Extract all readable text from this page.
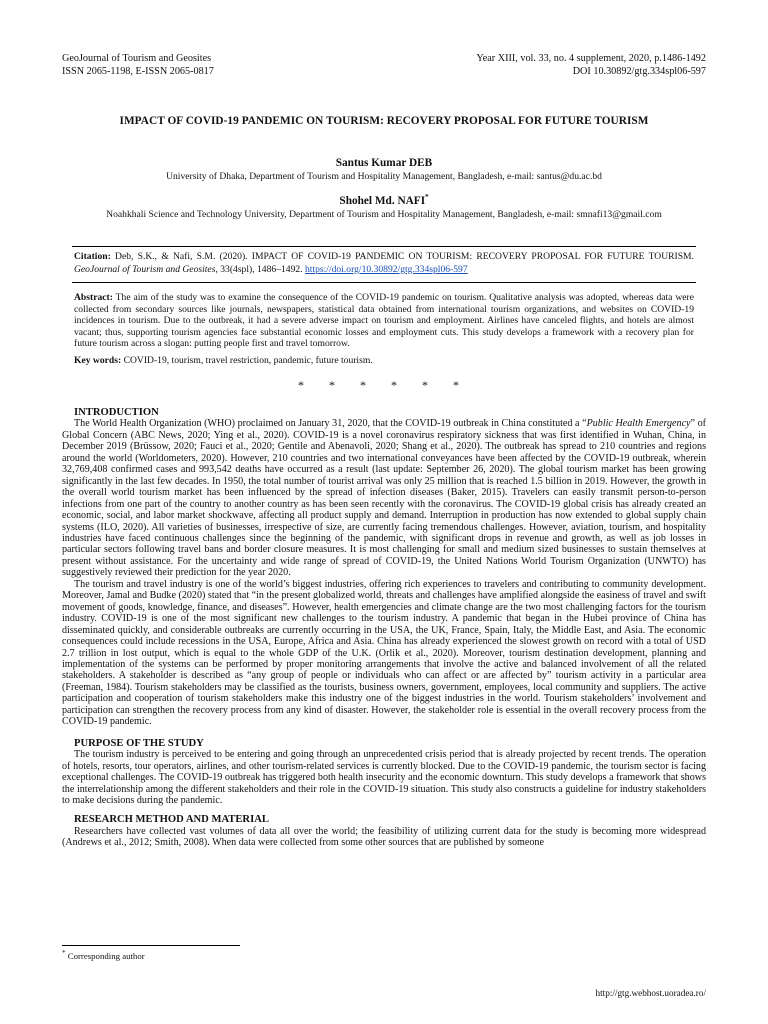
GeoJournal of Tourism and Geosites
ISSN 2065-1198, E-ISSN 2065-0817
Year XIII, vol. 33, no. 4 supplement, 2020, p.1486-1492
DOI 10.30892/gtg.334spl06-597
IMPACT OF COVID-19 PANDEMIC ON TOURISM: RECOVERY PROPOSAL FOR FUTURE TOURISM
Santus Kumar DEB
University of Dhaka, Department of Tourism and Hospitality Management, Bangladesh, e-mail: santus@du.ac.bd
Shohel Md. NAFI*
Noahkhali Science and Technology University, Department of Tourism and Hospitality Management, Bangladesh, e-mail: smnafi13@gmail.com
Citation: Deb, S.K., & Nafi, S.M. (2020). IMPACT OF COVID-19 PANDEMIC ON TOURISM: RECOVERY PROPOSAL FOR FUTURE TOURISM. GeoJournal of Tourism and Geosites, 33(4spl), 1486–1492. https://doi.org/10.30892/gtg.334spl06-597
Abstract: The aim of the study was to examine the consequence of the COVID-19 pandemic on tourism. Qualitative analysis was adopted, whereas data were collected from secondary sources like journals, newspapers, statistical data obtained from international tourism organizations, and websites on COVID-19 incidences in tourism. Due to the outbreak, it had a severe adverse impact on tourism and employment. Airlines have canceled flights, and hotels are almost vacant; thus, supporting tourism agencies face substantial economic losses and employment cuts. This study develops a framework with a recovery plan for future tourism across a slogan: putting people first and travel tomorrow.
Key words: COVID-19, tourism, travel restriction, pandemic, future tourism.
* * * * * *
INTRODUCTION

The World Health Organization (WHO) proclaimed on January 31, 2020, that the COVID-19 outbreak in China constituted a “Public Health Emergency” of Global Concern (ABC News, 2020; Ying et al., 2020). COVID-19 is a novel coronavirus respiratory sickness that was first identified in Wuhan, China, in December 2019 (Brüssow, 2020; Fauci et al., 2020; Gentile and Abenavoli, 2020; Shang et al., 2020). The outbreak has spread to 210 countries and regions around the world (Worldometers, 2020). However, 210 countries and two international conveyances have been affected by the COVID-19 outbreak, wherein 32,769,408 confirmed cases and 993,542 deaths have occurred as a result (last update: September 26, 2020). The global tourism market has been growing significantly in the last few decades. In 1950, the total number of tourist arrival was only 25 million that is reached 1.5 billion in 2019. However, the growth in the overall world tourism market has been influenced by the spread of infection diseases (Baker, 2015). Travelers can easily transmit person-to-person infections from one part of the country to another country as has been seen recently with the coronavirus. The COVID-19 global crisis has already created an economic, social, and labor market shockwave, affecting all product supply and demand. Interruption in production has now extended to global supply chain systems (ILO, 2020). All varieties of businesses, irrespective of size, are currently facing tremendous challenges. However, aviation, tourism, and hospitality industries have faced continuous challenges since the beginning of the pandemic, with significant drops in revenue and growth, as well as job losses in particular sectors following travel bans and border closure measures. It is most challenging for small and medium sized businesses to sustain themselves at present without assistance. For the uncertainty and wide range of spread of COVID-19, the United Nations World Tourism Organization (UNWTO) has suggestively reviewed their prediction for the year 2020.

The tourism and travel industry is one of the world’s biggest industries, offering rich experiences to travelers and contributing to community development. Moreover, Jamal and Budke (2020) stated that “in the present globalized world, threats and challenges have amplified alongside the easiness of travel and swift movement of goods, knowledge, finance, and diseases”. However, health emergencies and climate change are the two most challenging factors for the tourism industry. COVID-19 is one of the most significant new challenges to the tourism industry. A pandemic that began in the Hubei province of China has disseminated quickly, and considerable outbreaks are currently occurring in the USA, the UK, France, Spain, Italy, the Middle East, and Asia. The economic consequences could include recessions in the USA, Europe, Africa and Asia. China has already experienced the slowest growth on record with a total of USD 2.7 trillion in lost output, which is equal to the whole GDP of the U.K. (Orlik et al., 2020). Moreover, tourism destination development, planning and implementation of the systems can be performed by proper monitoring arrangements that involve the active and balanced involvement of all the related stakeholders. A stakeholder is described as “any group of people or individuals who can affect or are affected by” tourism activity in a particular area (Freeman, 1984). Tourism stakeholders may be classified as the tourists, business owners, government, employees, local community and suppliers. The active participation and cooperation of tourism stakeholders make this industry one of the biggest industries in the world. Tourism stakeholders’ involvement and participation can strengthen the recovery process from any kind of disaster. However, the stakeholder role is essential in the overall recovery process from the COVID-19 pandemic.

PURPOSE OF THE STUDY

The tourism industry is perceived to be entering and going through an unprecedented crisis period that is already projected by recent trends. The operation of hotels, resorts, tour operators, airlines, and other tourism-related services is currently blocked. Due to the COVID-19 pandemic, the tourism sector is facing exceptional challenges. The COVID-19 outbreak has triggered both health insecurity and the economic downturn. This study develops a framework that shows the interrelationship among the different stakeholders and their role in the COVID-19 situation. This study also constructs a guideline for industry stakeholders to make decisions during the pandemic.

RESEARCH METHOD AND MATERIAL

Researchers have collected vast volumes of data all over the world; the feasibility of utilizing current data for the study is becoming more widespread (Andrews et al., 2012; Smith, 2008). When data were collected from some other sources that are published by someone

* Corresponding author
http://gtg.webhost.uoradea.ro/
